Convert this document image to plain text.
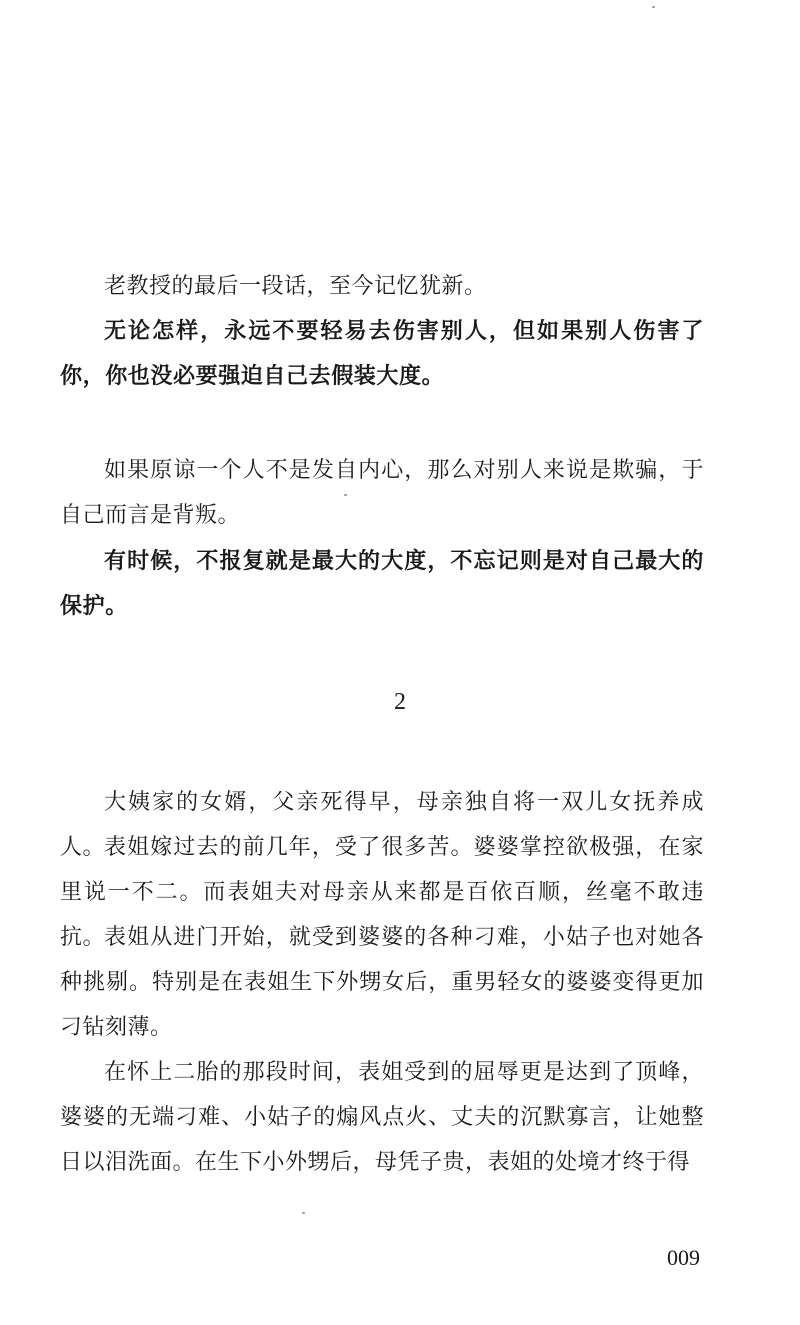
老教授的最后一段话，至今记忆犹新。

无论怎样，永远不要轻易去伤害别人，但如果别人伤害了你，你也没必要强迫自己去假装大度。

如果原谅一个人不是发自内心，那么对别人来说是欺骗，于自己而言是背叛。

有时候，不报复就是最大的大度，不忘记则是对自己最大的保护。

2

大姨家的女婿，父亲死得早，母亲独自将一双儿女抚养成人。

表姐嫁过去的前几年，受了很多苦。婆婆掌控欲极强，在家里说一不二。而表姐夫对母亲从来都是百依百顺，丝毫不敢违抗。

表姐从进门开始，就受到婆婆的各种刁难，小姑子也对她各种挑剔。特别是在表姐生下外甥女后，重男轻女的婆婆变得更加刁钻刻薄。

在怀上二胎的那段时间，表姐受到的屈辱更是达到了顶峰，婆婆的无端刁难、小姑子的煽风点火、丈夫的沉默寡言，让她整日以泪洗面。在生下小外甥后，母凭子贵，表姐的处境才终于得

009
